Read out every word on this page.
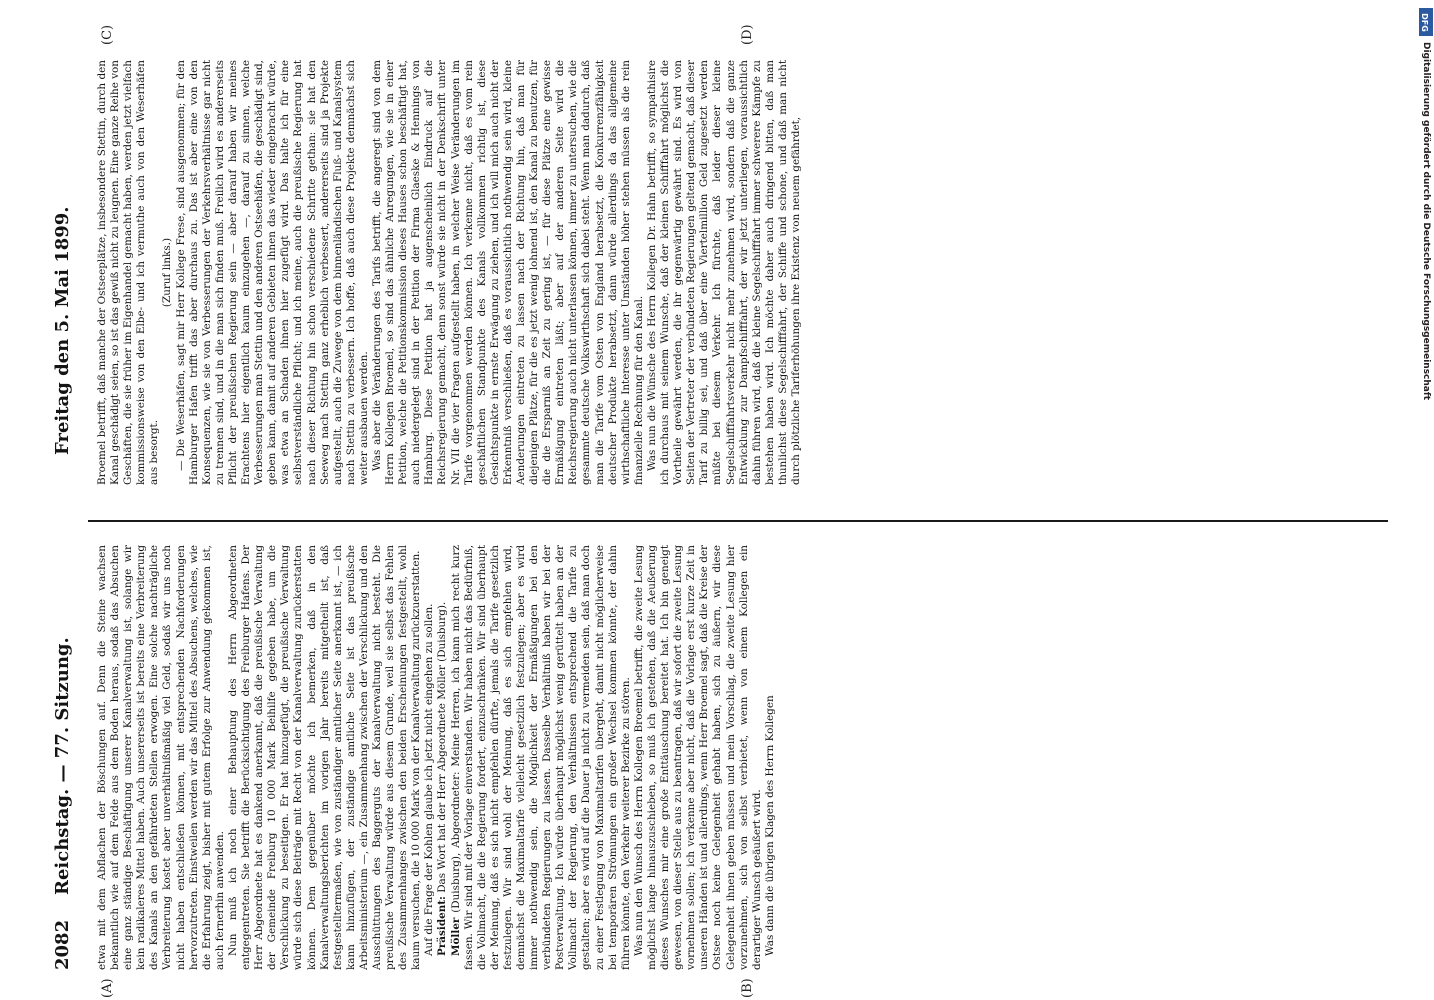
2082
Reichstag. — 77. Sitzung.
Freitag den 5. Mai 1899.
(A)	(B)
(C)	(D)

etwa mit dem Abflachen der Böschungen auf. Denn die Steine wachsen bekanntlich wie auf dem Felde aus dem Boden heraus, sodaß das Absuchen eine ganz ständige Beschäftigung unserer Kanalverwaltung ist, solange wir kein radikaleres Mittel haben. Auch unsererseits ist bereits eine Verbreiterung des Kanals an den gefährdeten Stellen erwogen. Eine solche nachträgliche Verbreiterung kostet aber unverhältnißmäßig viel Geld, sodaß wir uns noch nicht haben entschließen können, mit entsprechenden Nachforderungen hervorzutreten. Einstweilen werden wir das Mittel des Absuchens, welches, wie die Erfahrung zeigt, bisher mit gutem Erfolge zur Anwendung gekommen ist, auch fernerhin anwenden. Nun muß ich noch einer Behauptung des Herrn Abgeordneten entgegentreten. Sie betrifft die Berücksichtigung des Freiburger Hafens. Der Herr Abgeordnete hat es dankend anerkannt, daß die preußische Verwaltung der Gemeinde Freiburg 10 000 Mark Beihilfe gegeben habe, um die Verschlickung zu beseitigen. Er hat hinzugefügt, die preußische Verwaltung würde sich diese Beiträge mit Recht von der Kanalverwaltung zurückerstatten können. Dem gegenüber möchte ich bemerken, daß in den Kanalverwaltungsberichten im vorigen Jahr bereits mitgetheilt ist, daß festgestelltermaßen, wie von zuständiger amtlicher Seite anerkannt ist, — ich kann hinzufügen, der zuständige amtliche Seite ist das preußische Arbeitsministerium —, ein Zusammenhang zwischen der Verschlickung und den Ausschüttungen des Baggerguts der Kanalverwaltung nicht besteht. Die preußische Verwaltung würde aus diesem Grunde, weil sie selbst das Fehlen des Zusammenhanges zwischen den beiden Erscheinungen festgestellt, wohl kaum versuchen, die 10 000 Mark von der Kanalverwaltung zurückzuerstatten. Auf die Frage der Kohlen glaube ich jetzt nicht eingehen zu sollen. Präsident: Das Wort hat der Herr Abgeordnete Möller (Duisburg).

Möller (Duisburg), Abgeordneter: Meine Herren, ich kann mich recht kurz fassen. Wir sind mit der Vorlage einverstanden. Wir haben nicht das Bedürfniß, die Vollmacht, die die Regierung fordert, einzuschränken. Wir sind überhaupt der Meinung, daß es sich nicht empfehlen dürfte, jemals die Tarife gesetzlich festzulegen. Wir sind wohl der Meinung, daß es sich empfehlen wird, demnächst die Maximaltarife vielleicht gesetzlich festzulegen; aber es wird immer nothwendig sein, die Möglichkeit der Ermäßigungen bei den verbündeten Regierungen zu lassen. Dasselbe Verhältniß haben wir bei der Postverwaltung. Ich würde überhaupt möglichst wenig gerüttelt haben an der Vollmacht der Regierung, den Verhältnissen entsprechend die Tarife zu gestalten; aber es wird auf die Dauer ja nicht zu vermeiden sein, daß man doch zu einer Festlegung von Maximaltarifen übergeht, damit nicht möglicherweise bei temporären Strömungen ein großer Wechsel kommen könnte, der dahin führen könnte, den Verkehr weiterer Bezirke zu stören. Was nun den Wunsch des Herrn Kollegen Broemel betrifft, die zweite Lesung möglichst lange hinauszuschieben, so muß ich gestehen, daß die Aeußerung dieses Wunsches mir eine große Enttäuschung bereitet hat. Ich bin geneigt gewesen, von dieser Stelle aus zu beantragen, daß wir sofort die zweite Lesung vornehmen sollen; ich verkenne aber nicht, daß die Vorlage erst kurze Zeit in unseren Händen ist und allerdings, wenn Herr Broemel sagt, daß die Kreise der Ostsee noch keine Gelegenheit gehabt haben, sich zu äußern, wir diese Gelegenheit ihnen geben müssen und mein Vorschlag, die zweite Lesung hier vorzunehmen, sich von selbst verbietet, wenn von einem Kollegen ein derartiger Wunsch geäußert wird. Was dann die übrigen Klagen des Herrn Kollegen

Broemel betrifft, daß manche der Ostseeplätze, insbesondere Stettin, durch den Kanal geschädigt seien, so ist das gewiß nicht zu leugnen. Eine ganze Reihe von Geschäften, die sie früher im Eigenhandel gemacht haben, werden jetzt vielfach kommissionsweise von den Elbe- und ich vermuthe auch von den Weserhäfen aus besorgt.

(Zuruf links.) — Die Weserhäfen, sagt mir Herr Kollege Frese, sind ausgenommen; für den Hamburger Hafen trifft das aber durchaus zu. Das ist aber eine von den Konsequenzen, wie sie von Verbesserungen der Verkehrsverhältnisse gar nicht zu trennen sind, und in die man sich finden muß. Freilich wird es andererseits Pflicht der preußischen Regierung sein — aber darauf haben wir meines Erachtens hier eigentlich kaum einzugehen —, darauf zu sinnen, welche Verbesserungen man Stettin und den anderen Ostseehäfen, die geschädigt sind, geben kann, damit auf anderen Gebieten ihnen das wieder eingebracht würde, was etwa an Schaden ihnen hier zugefügt wird. Das halte ich für eine selbstverständliche Pflicht; und ich meine, auch die preußische Regierung hat nach dieser Richtung hin schon verschiedene Schritte gethan: sie hat den Seeweg nach Stettin ganz erheblich verbessert, andererseits sind ja Projekte aufgestellt, auch die Zuwege von dem binnenländischen Fluß- und Kanalsystem nach Stettin zu verbessern. Ich hoffe, daß auch diese Projekte demnächst sich weiter ausbauen werden. Was aber die Veränderungen des Tarifs betrifft, die angeregt sind von dem Herrn Kollegen Broemel, so sind das ähnliche Anregungen, wie sie in einer Petition, welche die Petitionskommission dieses Hauses schon beschäftigt hat, auch niedergelegt sind in der Petition der Firma Glaeske & Hennings von Hamburg. Diese Petition hat ja augenscheinlich Eindruck auf die Reichsregierung gemacht, denn sonst würde sie nicht in der Denkschrift unter Nr. VII die vier Fragen aufgestellt haben, in welcher Weise Veränderungen im Tarife vorgenommen werden können. Ich verkenne nicht, daß es vom rein geschäftlichen Standpunkte des Kanals vollkommen richtig ist, diese Gesichtspunkte in ernste Erwägung zu ziehen, und ich will mich auch nicht der Erkenntniß verschließen, daß es voraussichtlich nothwendig sein wird, kleine Aenderungen eintreten zu lassen nach der Richtung hin, daß man für diejenigen Plätze, für die es jetzt wenig lohnend ist, den Kanal zu benutzen, für die die Ersparniß an Zeit zu gering ist, — für diese Plätze eine gewisse Ermäßigung eintreten läßt; aber auf der anderen Seite wird die Reichsregierung auch nicht unterlassen können, immer zu untersuchen, wie die gesammte deutsche Volkswirthschaft sich dabei steht. Wenn man dadurch, daß man die Tarife vom Osten von England herabsetzt, die Konkurrenzfähigkeit deutscher Produkte herabsetzt, dann würde allerdings da das allgemeine wirthschaftliche Interesse unter Umständen höher stehen müssen als die rein finanzielle Rechnung für den Kanal. Was nun die Wünsche des Herrn Kollegen Dr. Hahn betrifft, so sympathisire ich durchaus mit seinem Wunsche, daß der kleinen Schifffahrt möglichst die Vortheile gewährt werden, die ihr gegenwärtig gewährt sind. Es wird von Seiten der Vertreter der verbündeten Regierungen geltend gemacht, daß dieser Tarif zu billig sei, und daß über eine Viertelmillion Geld zugesetzt werden müßte bei diesem Verkehr. Ich fürchte, daß leider dieser kleine Segelschifffahrtsverkehr nicht mehr zunehmen wird, sondern daß die ganze Entwicklung zur Dampfschifffahrt, der wir jetzt unterliegen, voraussichtlich dahin führen wird, daß die kleine Segelschifffahrt immer schwerere Kämpfe zu bestehen haben wird. Ich möchte daher auch dringend bitten, daß man thunlichst diese Segelschifffahrt, der Schiffe und schone, und daß man nicht durch plötzliche Tariferhöhungen ihre Existenz von neuem gefährdet,

DFG
Digitalisierung gefördert durch die Deutsche Forschungsgemeinschaft
